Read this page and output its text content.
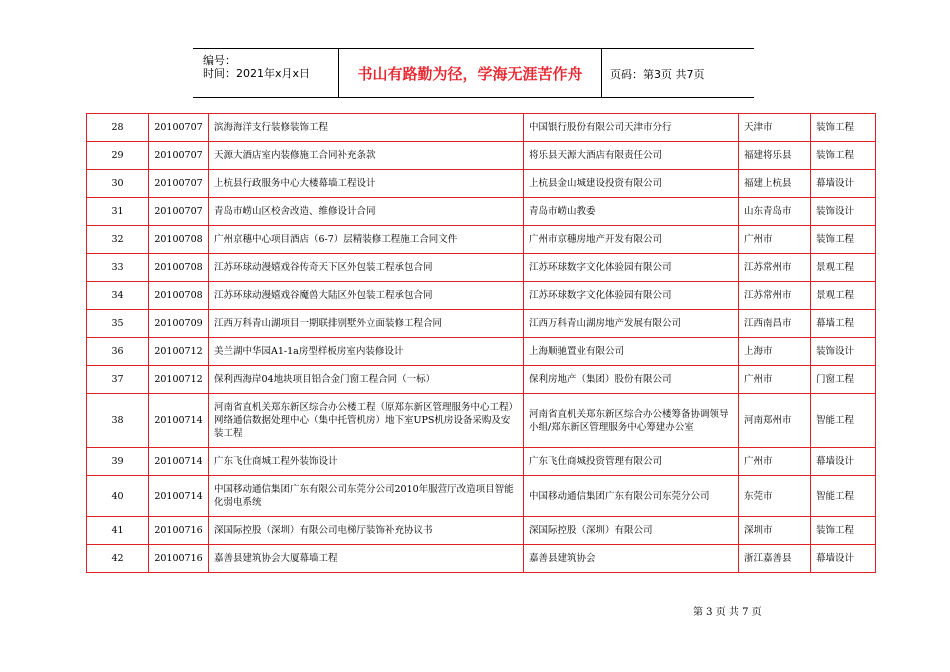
编号：
时间：2021年x月x日	书山有路勤为径，学海无涯苦作舟	页码：第3页 共7页
28	20100707	滨海海洋支行装修装饰工程	中国银行股份有限公司天津市分行	天津市	装饰工程
29	20100707	天源大酒店室内装修施工合同补充条款	将乐县天源大酒店有限责任公司	福建将乐县	装饰工程
30	20100707	上杭县行政服务中心大楼幕墙工程设计	上杭县金山城建设投资有限公司	福建上杭县	幕墙设计
31	20100707	青岛市崂山区校舍改造、维修设计合同	青岛市崂山教委	山东青岛市	装饰设计
32	20100708	广州京穗中心项目酒店（6-7）层精装修工程施工合同文件	广州市京穗房地产开发有限公司	广州市	装饰工程
33	20100708	江苏环球动漫嬉戏谷传奇天下区外包装工程承包合同	江苏环球数字文化体验园有限公司	江苏常州市	景观工程
34	20100708	江苏环球动漫嬉戏谷魔兽大陆区外包装工程承包合同	江苏环球数字文化体验园有限公司	江苏常州市	景观工程
35	20100709	江西万科青山湖项目一期联排别墅外立面装修工程合同	江西万科青山湖房地产发展有限公司	江西南昌市	幕墙工程
36	20100712	美兰湖中华园A1-1a房型样板房室内装修设计	上海顺驰置业有限公司	上海市	装饰设计
37	20100712	保利西海岸04地块项目铝合金门窗工程合同（一标）	保利房地产（集团）股份有限公司	广州市	门窗工程
38	20100714	河南省直机关郑东新区综合办公楼工程（原郑东新区管理服务中心工程）网络通信数据处理中心（集中托管机房）地下室UPS机房设备采购及安装工程	河南省直机关郑东新区综合办公楼筹备协调领导小组/郑东新区管理服务中心筹建办公室	河南郑州市	智能工程
39	20100714	广东飞仕商城工程外装饰设计	广东飞仕商城投资管理有限公司	广州市	幕墙设计
40	20100714	中国移动通信集团广东有限公司东莞分公司2010年服营厅改造项目智能化弱电系统	中国移动通信集团广东有限公司东莞分公司	东莞市	智能工程
41	20100716	深国际控股（深圳）有限公司电梯厅装饰补充协议书	深国际控股（深圳）有限公司	深圳市	装饰工程
42	20100716	嘉善县建筑协会大厦幕墙工程	嘉善县建筑协会	浙江嘉善县	幕墙设计
第 3 页 共 7 页
